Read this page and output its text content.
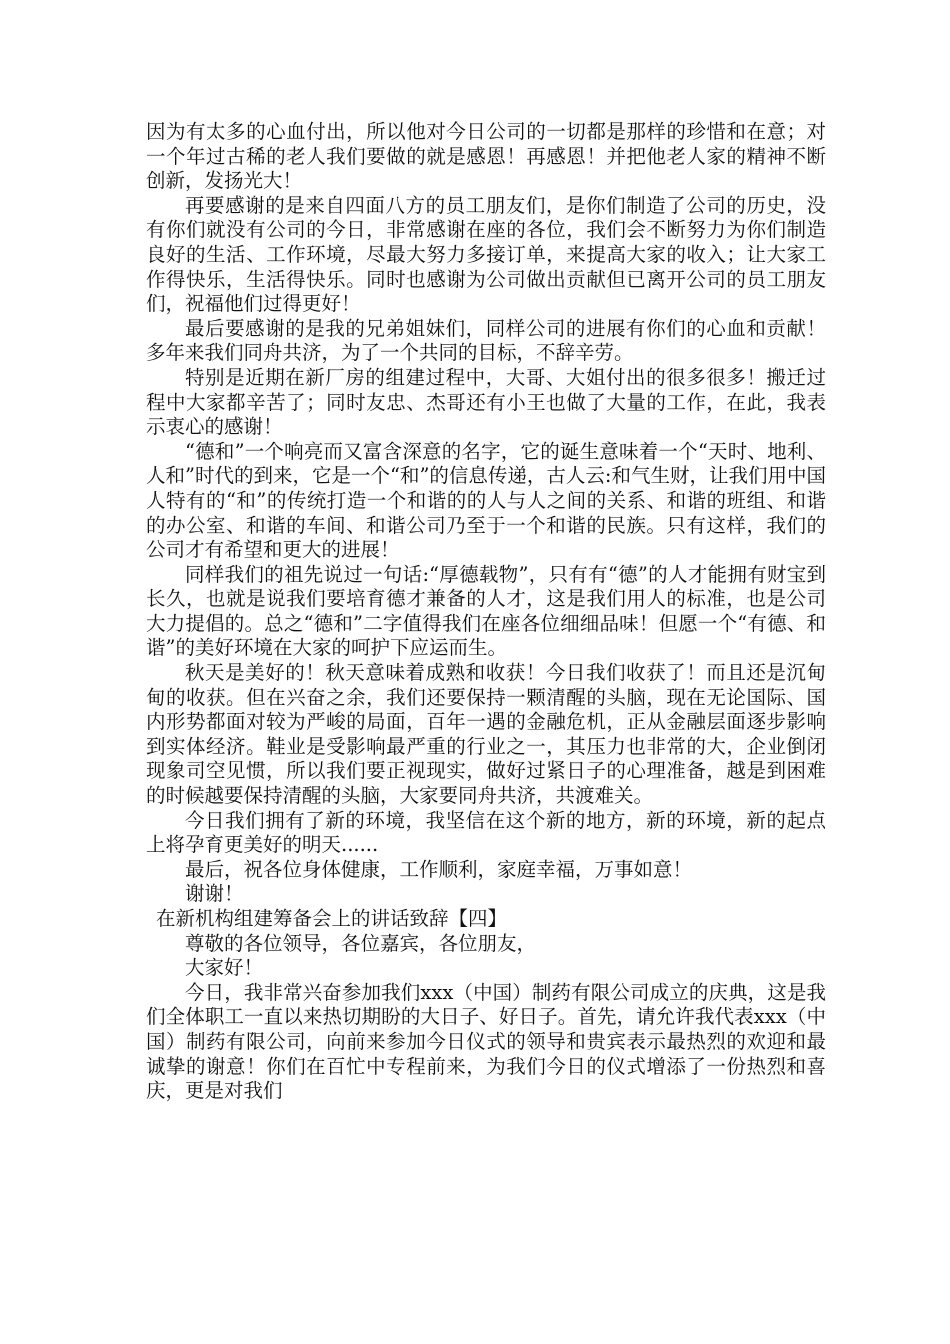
因为有太多的心血付出，所以他对今日公司的一切都是那样的珍惜和在意；对一个年过古稀的老人我们要做的就是感恩！再感恩！并把他老人家的精神不断创新，发扬光大！

再要感谢的是来自四面八方的员工朋友们，是你们制造了公司的历史，没有你们就没有公司的今日，非常感谢在座的各位，我们会不断努力为你们制造良好的生活、工作环境，尽最大努力多接订单，来提高大家的收入；让大家工作得快乐，生活得快乐。同时也感谢为公司做出贡献但已离开公司的员工朋友们，祝福他们过得更好！

最后要感谢的是我的兄弟姐妹们，同样公司的进展有你们的心血和贡献！多年来我们同舟共济，为了一个共同的目标，不辞辛劳。

特别是近期在新厂房的组建过程中，大哥、大姐付出的很多很多！搬迁过程中大家都辛苦了；同时友忠、杰哥还有小王也做了大量的工作，在此，我表示衷心的感谢！

“德和”一个响亮而又富含深意的名字，它的诞生意味着一个“天时、地利、人和”时代的到来，它是一个“和”的信息传递，古人云:和气生财，让我们用中国人特有的“和”的传统打造一个和谐的的人与人之间的关系、和谐的班组、和谐的办公室、和谐的车间、和谐公司乃至于一个和谐的民族。只有这样，我们的公司才有希望和更大的进展！

同样我们的祖先说过一句话:“厚德载物”，只有有“德”的人才能拥有财宝到长久，也就是说我们要培育德才兼备的人才，这是我们用人的标准，也是公司大力提倡的。总之“德和”二字值得我们在座各位细细品味！但愿一个“有德、和谐”的美好环境在大家的呵护下应运而生。

秋天是美好的！秋天意味着成熟和收获！今日我们收获了！而且还是沉甸甸的收获。但在兴奋之余，我们还要保持一颗清醒的头脑，现在无论国际、国内形势都面对较为严峻的局面，百年一遇的金融危机，正从金融层面逐步影响到实体经济。鞋业是受影响最严重的行业之一，其压力也非常的大，企业倒闭现象司空见惯，所以我们要正视现实，做好过紧日子的心理准备，越是到困难的时候越要保持清醒的头脑，大家要同舟共济，共渡难关。

今日我们拥有了新的环境，我坚信在这个新的地方，新的环境，新的起点上将孕育更美好的明天......

最后，祝各位身体健康，工作顺利，家庭幸福，万事如意！

谢谢！

在新机构组建筹备会上的讲话致辞【四】

尊敬的各位领导，各位嘉宾，各位朋友，

大家好！

今日，我非常兴奋参加我们xxx（中国）制药有限公司成立的庆典，这是我们全体职工一直以来热切期盼的大日子、好日子。首先，请允许我代表xxx（中国）制药有限公司，向前来参加今日仪式的领导和贵宾表示最热烈的欢迎和最诚挚的谢意！你们在百忙中专程前来，为我们今日的仪式增添了一份热烈和喜庆，更是对我们
